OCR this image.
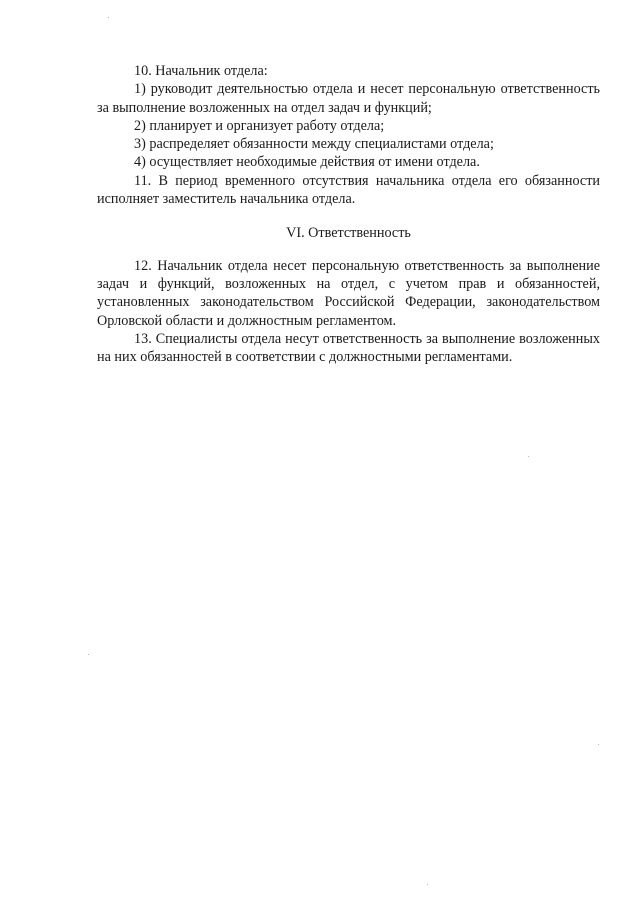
10. Начальник отдела:

1) руководит деятельностью отдела и несет персональную ответственность за выполнение возложенных на отдел задач и функций;

2) планирует и организует работу отдела;

3) распределяет обязанности между специалистами отдела;

4) осуществляет необходимые действия от имени отдела.

11. В период временного отсутствия начальника отдела его обязанности исполняет заместитель начальника отдела.

VI. Ответственность

12. Начальник отдела несет персональную ответственность за выполнение задач и функций, возложенных на отдел, с учетом прав и обязанностей, установленных законодательством Российской Федерации, законодательством Орловской области и должностным регламентом.

13. Специалисты отдела несут ответственность за выполнение возложенных на них обязанностей в соответствии с должностными регламентами.
